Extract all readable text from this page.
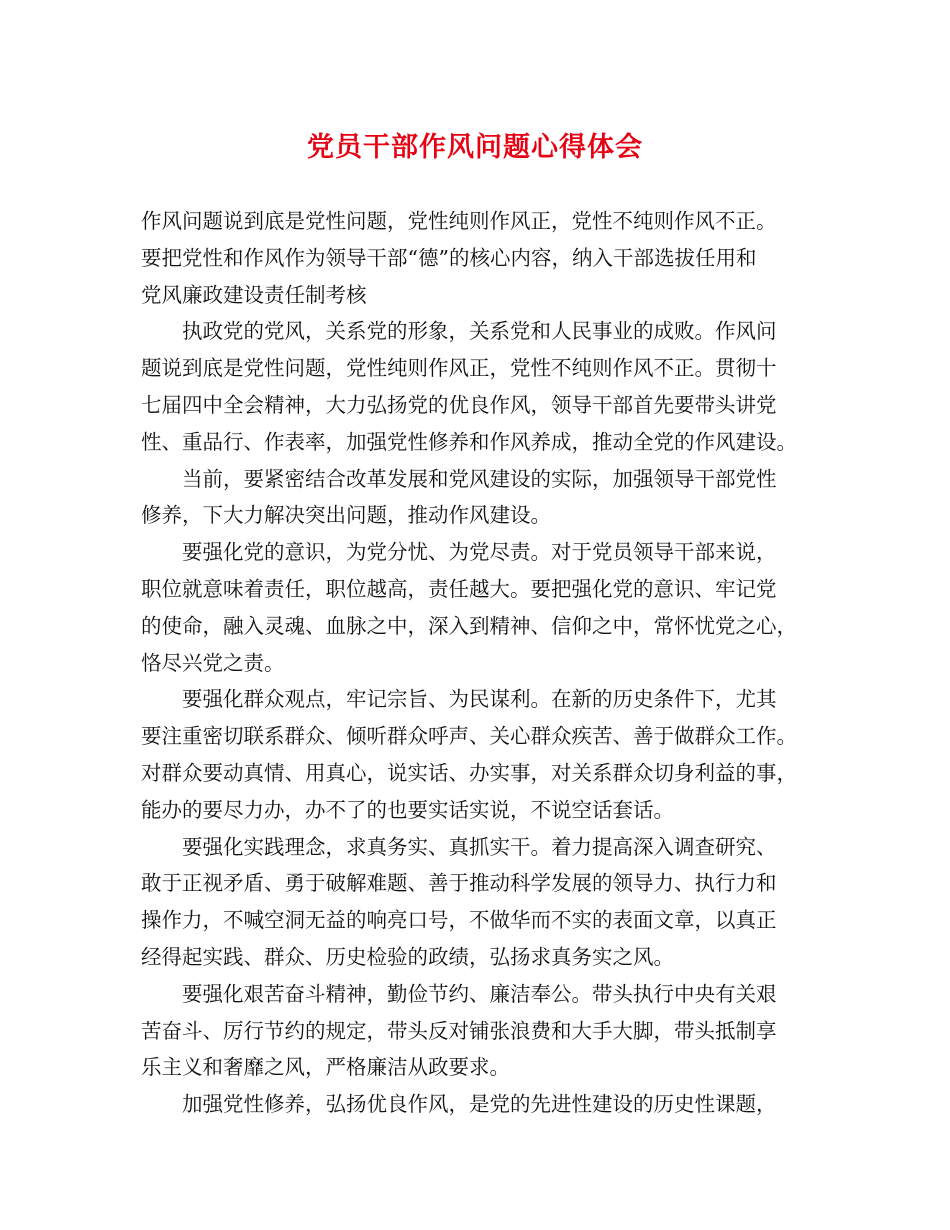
党员干部作风问题心得体会
作风问题说到底是党性问题，党性纯则作风正，党性不纯则作风不正。
要把党性和作风作为领导干部“德”的核心内容，纳入干部选拔任用和
党风廉政建设责任制考核
执政党的党风，关系党的形象，关系党和人民事业的成败。作风问
题说到底是党性问题，党性纯则作风正，党性不纯则作风不正。贯彻十
七届四中全会精神，大力弘扬党的优良作风，领导干部首先要带头讲党
性、重品行、作表率，加强党性修养和作风养成，推动全党的作风建设。
当前，要紧密结合改革发展和党风建设的实际，加强领导干部党性
修养，下大力解决突出问题，推动作风建设。
要强化党的意识，为党分忧、为党尽责。对于党员领导干部来说，
职位就意味着责任，职位越高，责任越大。要把强化党的意识、牢记党
的使命，融入灵魂、血脉之中，深入到精神、信仰之中，常怀忧党之心，
恪尽兴党之责。
要强化群众观点，牢记宗旨、为民谋利。在新的历史条件下，尤其
要注重密切联系群众、倾听群众呼声、关心群众疾苦、善于做群众工作。
对群众要动真情、用真心，说实话、办实事，对关系群众切身利益的事，
能办的要尽力办，办不了的也要实话实说，不说空话套话。
要强化实践理念，求真务实、真抓实干。着力提高深入调查研究、
敢于正视矛盾、勇于破解难题、善于推动科学发展的领导力、执行力和
操作力，不喊空洞无益的响亮口号，不做华而不实的表面文章，以真正
经得起实践、群众、历史检验的政绩，弘扬求真务实之风。
要强化艰苦奋斗精神，勤俭节约、廉洁奉公。带头执行中央有关艰
苦奋斗、厉行节约的规定，带头反对铺张浪费和大手大脚，带头抵制享
乐主义和奢靡之风，严格廉洁从政要求。
加强党性修养，弘扬优良作风，是党的先进性建设的历史性课题，
